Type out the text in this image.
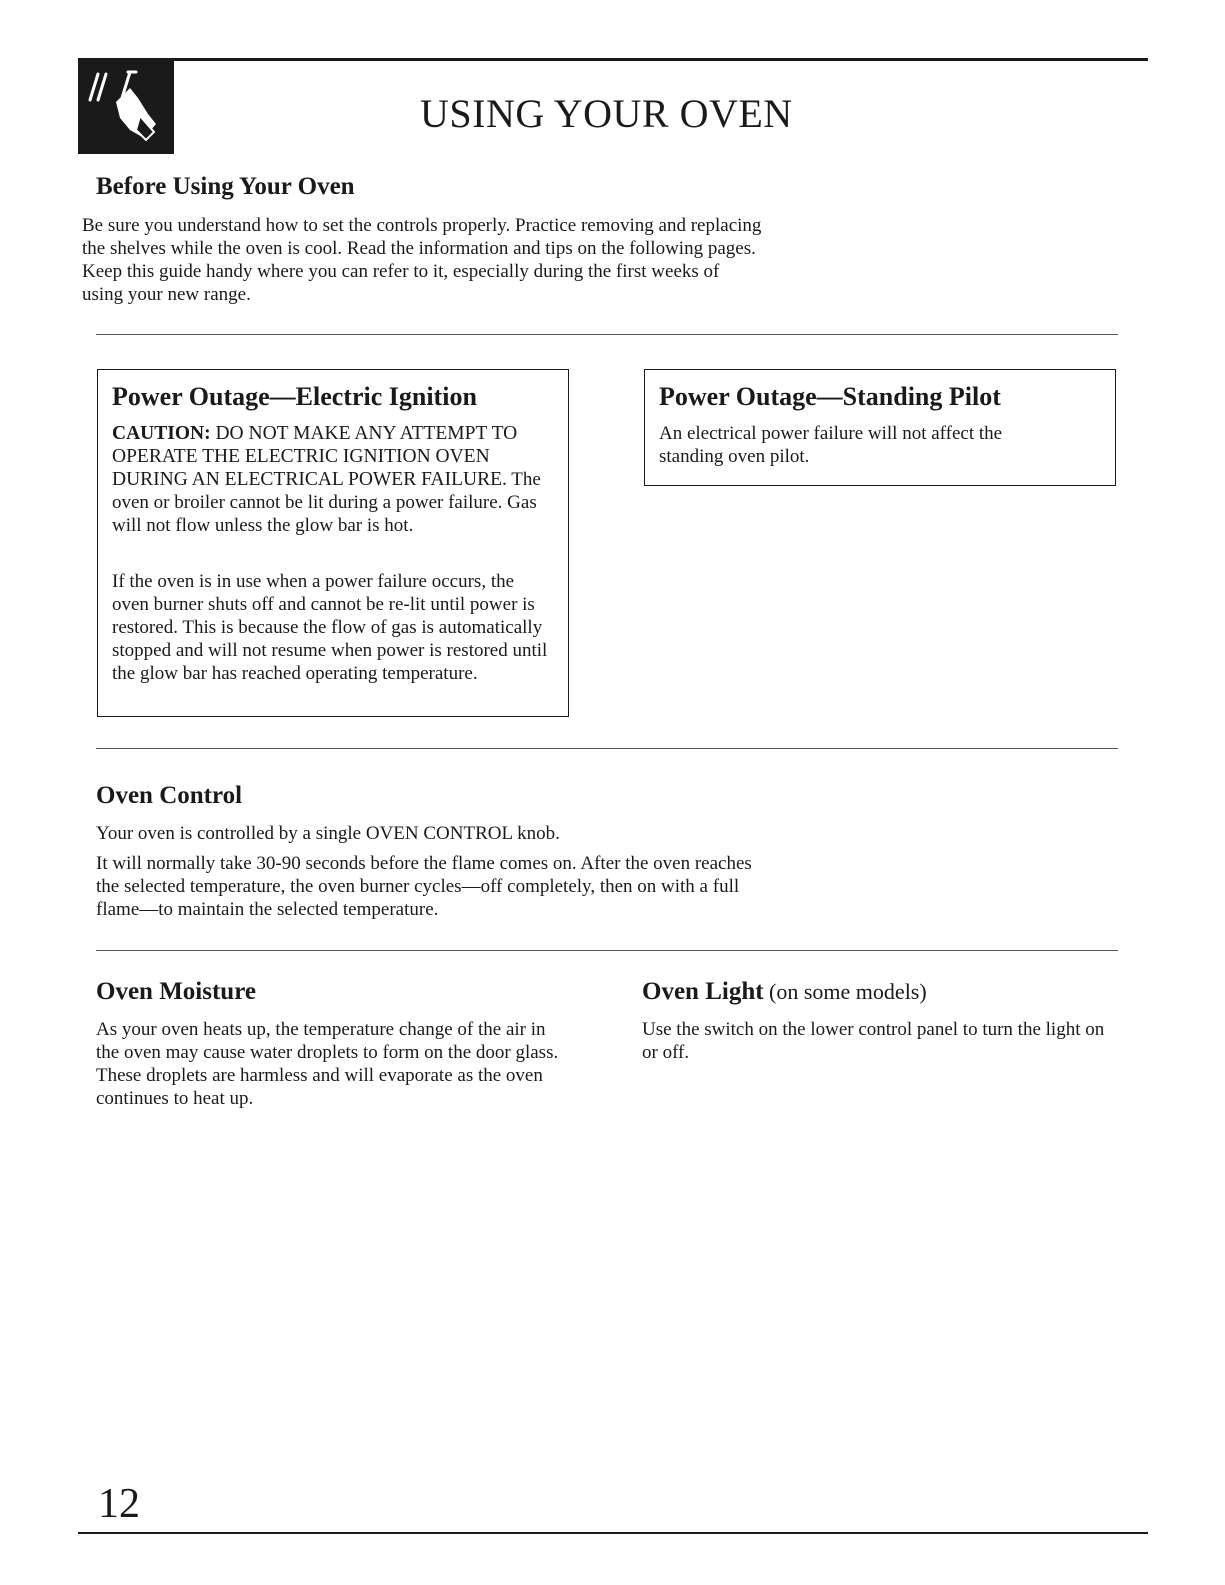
USING YOUR OVEN
Before Using Your Oven

Be sure you understand how to set the controls properly. Practice removing and replacing the shelves while the oven is cool. Read the information and tips on the following pages. Keep this guide handy where you can refer to it, especially during the first weeks of using your new range.

Power Outage—Electric Ignition

CAUTION: DO NOT MAKE ANY ATTEMPT TO OPERATE THE ELECTRIC IGNITION OVEN DURING AN ELECTRICAL POWER FAILURE. The oven or broiler cannot be lit during a power failure. Gas will not flow unless the glow bar is hot.

If the oven is in use when a power failure occurs, the oven burner shuts off and cannot be re-lit until power is restored. This is because the flow of gas is automatically stopped and will not resume when power is restored until the glow bar has reached operating temperature.

Power Outage—Standing Pilot

An electrical power failure will not affect the standing oven pilot.

Oven Control

Your oven is controlled by a single OVEN CONTROL knob.

It will normally take 30-90 seconds before the flame comes on. After the oven reaches the selected temperature, the oven burner cycles—off completely, then on with a full flame—to maintain the selected temperature.

Oven Moisture

As your oven heats up, the temperature change of the air in the oven may cause water droplets to form on the door glass. These droplets are harmless and will evaporate as the oven continues to heat up.

Oven Light (on some models)

Use the switch on the lower control panel to turn the light on or off.

12
